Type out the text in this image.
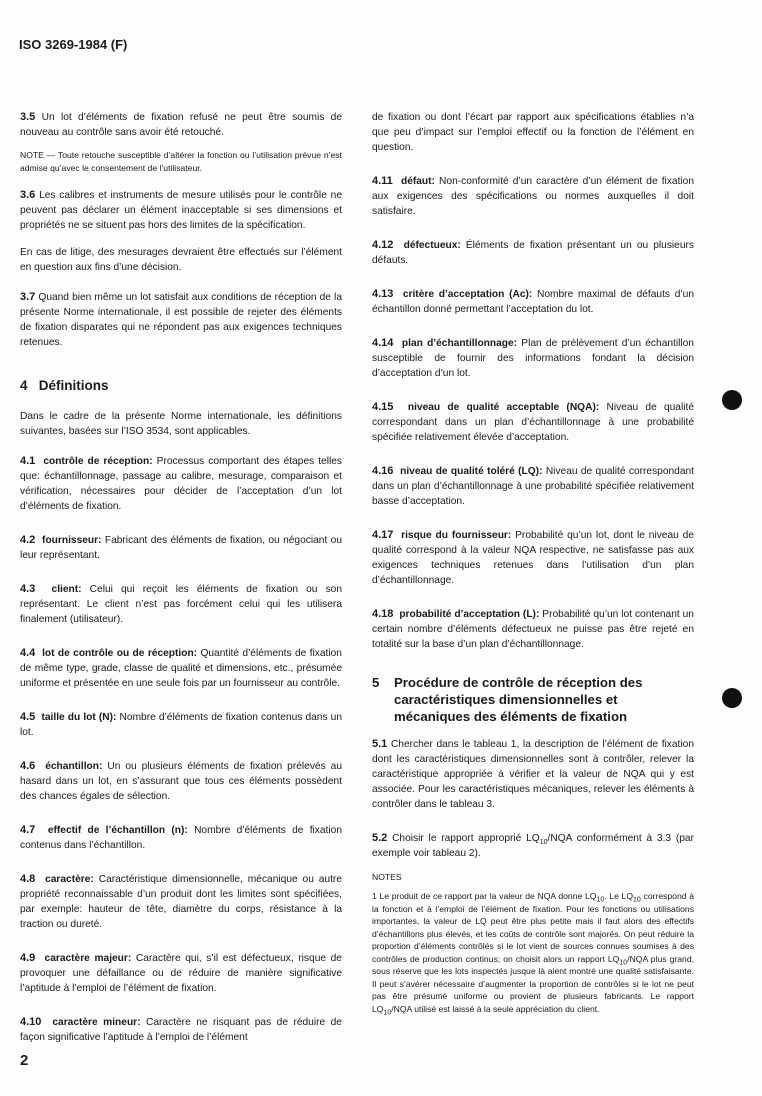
ISO 3269-1984 (F)

3.5 Un lot d’éléments de fixation refusé ne peut être soumis de nouveau au contrôle sans avoir été retouché.

NOTE — Toute retouche susceptible d’altérer la fonction ou l’utilisation prévue n’est admise qu’avec le consentement de l’utilisateur.

3.6 Les calibres et instruments de mesure utilisés pour le contrôle ne peuvent pas déclarer un élément inacceptable si ses dimensions et propriétés ne se situent pas hors des limites de la spécification.

En cas de litige, des mesurages devraient être effectués sur l’élément en question aux fins d’une décision.

3.7 Quand bien même un lot satisfait aux conditions de réception de la présente Norme internationale, il est possible de rejeter des éléments de fixation disparates qui ne répondent pas aux exigences techniques retenues.

4 Définitions

Dans le cadre de la présente Norme internationale, les définitions suivantes, basées sur l’ISO 3534, sont applicables.

4.1 contrôle de réception: Processus comportant des étapes telles que: échantillonnage, passage au calibre, mesurage, comparaison et vérification, nécessaires pour décider de l’acceptation d’un lot d’éléments de fixation.

4.2 fournisseur: Fabricant des éléments de fixation, ou négociant ou leur représentant.

4.3 client: Celui qui reçoit les éléments de fixation ou son représentant. Le client n’est pas forcément celui qui les utilisera finalement (utilisateur).

4.4 lot de contrôle ou de réception: Quantité d’éléments de fixation de même type, grade, classe de qualité et dimensions, etc., présumée uniforme et présentée en une seule fois par un fournisseur au contrôle.

4.5 taille du lot (N): Nombre d’éléments de fixation contenus dans un lot.

4.6 échantillon: Un ou plusieurs éléments de fixation prélevés au hasard dans un lot, en s’assurant que tous ces éléments possèdent des chances égales de sélection.

4.7 effectif de l’échantillon (n): Nombre d’éléments de fixation contenus dans l’échantillon.

4.8 caractère: Caractéristique dimensionnelle, mécanique ou autre propriété reconnaissable d’un produit dont les limites sont spécifiées, par exemple: hauteur de tête, diamètre du corps, résistance à la traction ou dureté.

4.9 caractère majeur: Caractère qui, s’il est défectueux, risque de provoquer une défaillance ou de réduire de manière significative l’aptitude à l’emploi de l’élément de fixation.

4.10 caractère mineur: Caractère ne risquant pas de réduire de façon significative l’aptitude à l’emploi de l’élément

de fixation ou dont l’écart par rapport aux spécifications établies n’a que peu d’impact sur l’emploi effectif ou la fonction de l’élément en question.

4.11 défaut: Non-conformité d’un caractère d’un élément de fixation aux exigences des spécifications ou normes auxquelles il doit satisfaire.

4.12 défectueux: Éléments de fixation présentant un ou plusieurs défauts.

4.13 critère d’acceptation (Ac): Nombre maximal de défauts d’un échantillon donné permettant l’acceptation du lot.

4.14 plan d’échantillonnage: Plan de prélèvement d’un échantillon susceptible de fournir des informations fondant la décision d’acceptation d’un lot.

4.15 niveau de qualité acceptable (NQA): Niveau de qualité correspondant dans un plan d’échantillonnage à une probabilité spécifiée relativement élevée d’acceptation.

4.16 niveau de qualité toléré (LQ): Niveau de qualité correspondant dans un plan d’échantillonnage à une probabilité spécifiée relativement basse d’acceptation.

4.17 risque du fournisseur: Probabilité qu’un lot, dont le niveau de qualité correspond à la valeur NQA respective, ne satisfasse pas aux exigences techniques retenues dans l’utilisation d’un plan d’échantillonnage.

4.18 probabilité d’acceptation (L): Probabilité qu’un lot contenant un certain nombre d’éléments défectueux ne puisse pas être rejeté en totalité sur la base d’un plan d’échantillonnage.

5	Procédure de contrôle de réception des caractéristiques dimensionnelles et mécaniques des éléments de fixation

5.1 Chercher dans le tableau 1, la description de l’élément de fixation dont les caractéristiques dimensionnelles sont à contrôler, relever la caractéristique appropriée à vérifier et la valeur de NQA qui y est associée. Pour les caractéristiques mécaniques, relever les éléments à contrôler dans le tableau 3.

5.2 Choisir le rapport approprié $LQ_{10}$/NQA conformément à 3.3 (par exemple voir tableau 2).

NOTES

1 Le produit de ce rapport par la valeur de NQA donne $LQ_{10}$. Le $LQ_{10}$ correspond à la fonction et à l’emploi de l’élément de fixation. Pour les fonctions ou utilisations importantes, la valeur de LQ peut être plus petite mais il faut alors des effectifs d’échantillons plus élevés, et les coûts de contrôle sont majorés. On peut réduire la proportion d’éléments contrôlés si le lot vient de sources connues soumises à des contrôles de production continus; on choisit alors un rapport $LQ_{10}$/NQA plus grand, sous réserve que les lots inspectés jusque là aient montré une qualité satisfaisante. Il peut s’avérer nécessaire d’augmenter la proportion de contrôles si le lot ne peut pas être présumé uniforme ou provient de plusieurs fabricants. Le rapport $LQ_{10}$/NQA utilisé est laissé à la seule appréciation du client.

2
